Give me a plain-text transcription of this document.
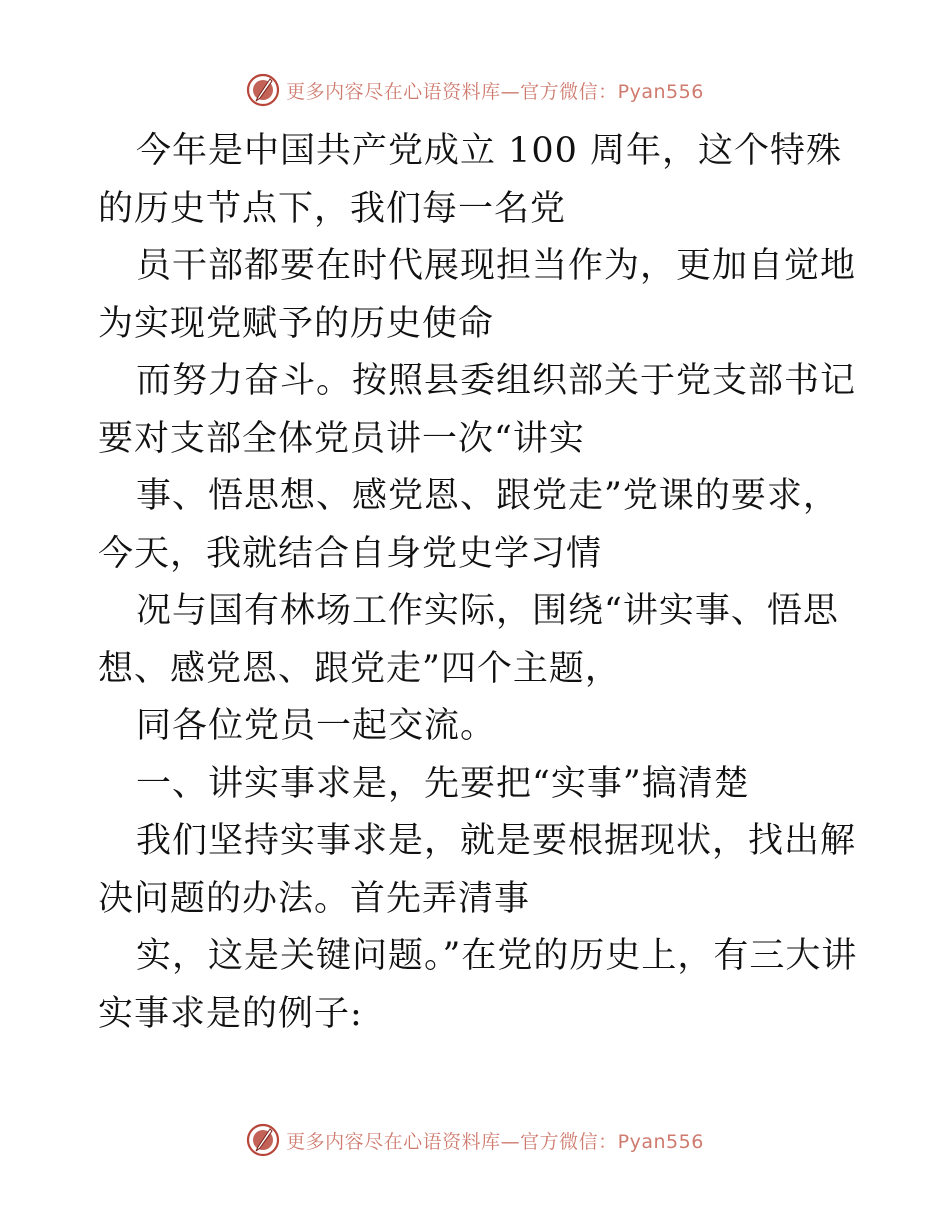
更多内容尽在心语资料库—官方微信：Pyan556

今年是中国共产党成立 100 周年，这个特殊的历史节点下，我们每一名党

员干部都要在时代展现担当作为，更加自觉地为实现党赋予的历史使命

而努力奋斗。按照县委组织部关于党支部书记要对支部全体党员讲一次“讲实

事、悟思想、感党恩、跟党走”党课的要求，今天，我就结合自身党史学习情

况与国有林场工作实际，围绕“讲实事、悟思想、感党恩、跟党走”四个主题，

同各位党员一起交流。

一、讲实事求是，先要把“实事”搞清楚

我们坚持实事求是，就是要根据现状，找出解决问题的办法。首先弄清事

实，这是关键问题。”在党的历史上，有三大讲实事求是的例子:

更多内容尽在心语资料库—官方微信：Pyan556
